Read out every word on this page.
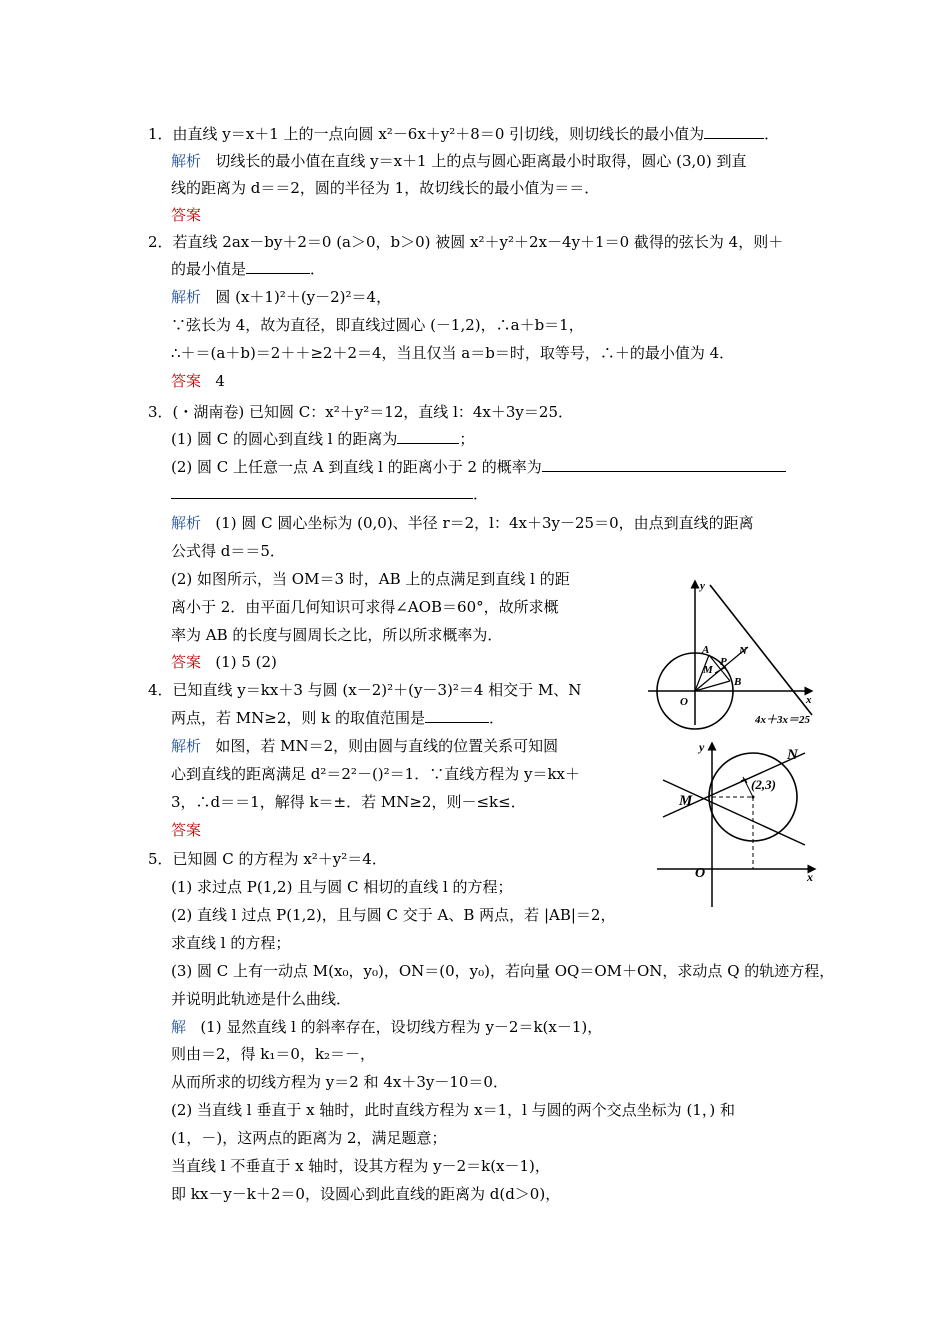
1．由直线 y＝x＋1 上的一点向圆 x²－6x＋y²＋8＝0 引切线，则切线长的最小值为	．
解析 切线长的最小值在直线 y＝x＋1 上的点与圆心距离最小时取得，圆心 (3,0) 到直
线的距离为 d＝＝2，圆的半径为 1，故切线长的最小值为＝＝．
答案
2．若直线 2ax－by＋2＝0 (a＞0，b＞0) 被圆 x²＋y²＋2x－4y＋1＝0 截得的弦长为 4，则＋
的最小值是	．
解析 圆 (x＋1)²＋(y－2)²＝4，
∵弦长为 4，故为直径，即直线过圆心 (－1,2)，∴a＋b＝1，
∴＋＝(a＋b)＝2＋＋≥2＋2＝4，当且仅当 a＝b＝时，取等号，∴＋的最小值为 4．
答案 4
3．(・湖南卷) 已知圆 C：x²＋y²＝12，直线 l：4x＋3y＝25．
(1) 圆 C 的圆心到直线 l 的距离为	；
(2) 圆 C 上任意一点 A 到直线 l 的距离小于 2 的概率为
．
解析 (1) 圆 C 圆心坐标为 (0,0)、半径 r＝2，l：4x＋3y－25＝0，由点到直线的距离
公式得 d＝＝5．
(2) 如图所示，当 OM＝3 时，AB 上的点满足到直线 l 的距
离小于 2．由平面几何知识可求得∠AOB＝60°，故所求概
率为 AB 的长度与圆周长之比，所以所求概率为．
答案 (1) 5 (2)
4．已知直线 y＝kx＋3 与圆 (x－2)²＋(y－3)²＝4 相交于 M、N
两点，若 MN≥2，则 k 的取值范围是	．
解析 如图，若 MN＝2，则由圆与直线的位置关系可知圆
心到直线的距离满足 d²＝2²－()²＝1．∵直线方程为 y＝kx＋
3，∴d＝＝1，解得 k＝±．若 MN≥2，则－≤k≤．
答案
5．已知圆 C 的方程为 x²＋y²＝4．
(1) 求过点 P(1,2) 且与圆 C 相切的直线 l 的方程；
(2) 直线 l 过点 P(1,2)，且与圆 C 交于 A、B 两点，若 |AB|＝2，
求直线 l 的方程；
(3) 圆 C 上有一动点 M(x₀，y₀)，ON＝(0，y₀)，若向量 OQ＝OM＋ON，求动点 Q 的轨迹方程，
并说明此轨迹是什么曲线．
解 (1) 显然直线 l 的斜率存在，设切线方程为 y－2＝k(x－1)，
则由＝2，得 k₁＝0，k₂＝－，
从而所求的切线方程为 y＝2 和 4x＋3y－10＝0．
(2) 当直线 l 垂直于 x 轴时，此时直线方程为 x＝1，l 与圆的两个交点坐标为 (1，) 和
(1，－)，这两点的距离为 2，满足题意；
当直线 l 不垂直于 x 轴时，设其方程为 y－2＝k(x－1)，
即 kx－y－k＋2＝0，设圆心到此直线的距离为 d(d＞0)，
y
x
O
A
M
P
N
B
4x＋3x＝25
y
x
O
M
N
(2,3)
